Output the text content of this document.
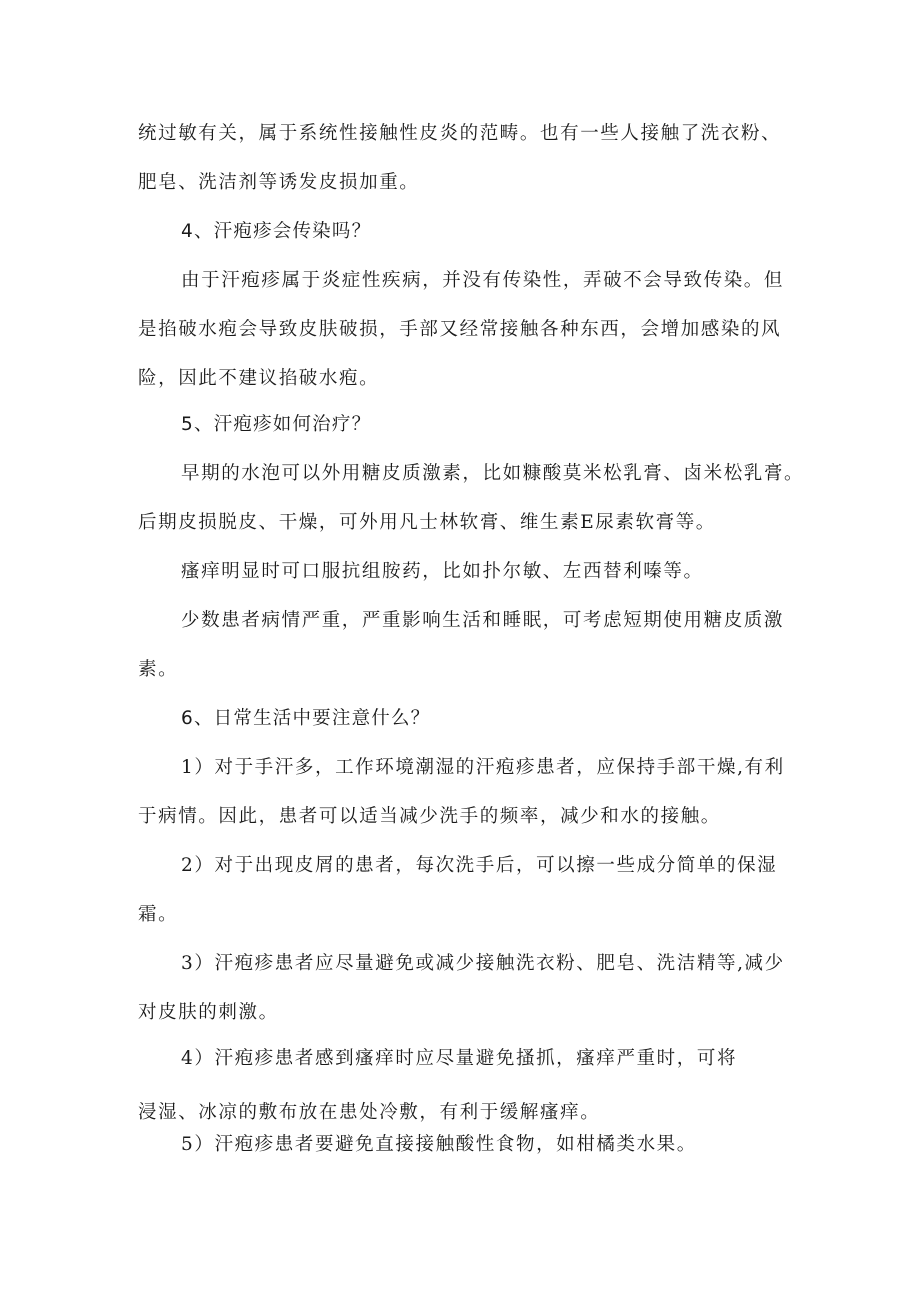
统过敏有关，属于系统性接触性皮炎的范畴。也有一些人接触了洗衣粉、

肥皂、洗洁剂等诱发皮损加重。

4、汗疱疹会传染吗？

由于汗疱疹属于炎症性疾病，并没有传染性，弄破不会导致传染。但

是掐破水疱会导致皮肤破损，手部又经常接触各种东西，会增加感染的风

险，因此不建议掐破水疱。

5、汗疱疹如何治疗？

早期的水泡可以外用糖皮质激素，比如糠酸莫米松乳膏、卤米松乳膏。

后期皮损脱皮、干燥，可外用凡士林软膏、维生素E尿素软膏等。

瘙痒明显时可口服抗组胺药，比如扑尔敏、左西替利嗪等。

少数患者病情严重，严重影响生活和睡眠，可考虑短期使用糖皮质激

素。

6、日常生活中要注意什么？

1）对于手汗多，工作环境潮湿的汗疱疹患者，应保持手部干燥,有利

于病情。因此，患者可以适当减少洗手的频率，减少和水的接触。

2）对于出现皮屑的患者，每次洗手后，可以擦一些成分简单的保湿

霜。

3）汗疱疹患者应尽量避免或减少接触洗衣粉、肥皂、洗洁精等,减少

对皮肤的刺激。

4）汗疱疹患者感到瘙痒时应尽量避免搔抓，瘙痒严重时，可将

浸湿、冰凉的敷布放在患处冷敷，有利于缓解瘙痒。

5）汗疱疹患者要避免直接接触酸性食物，如柑橘类水果。
